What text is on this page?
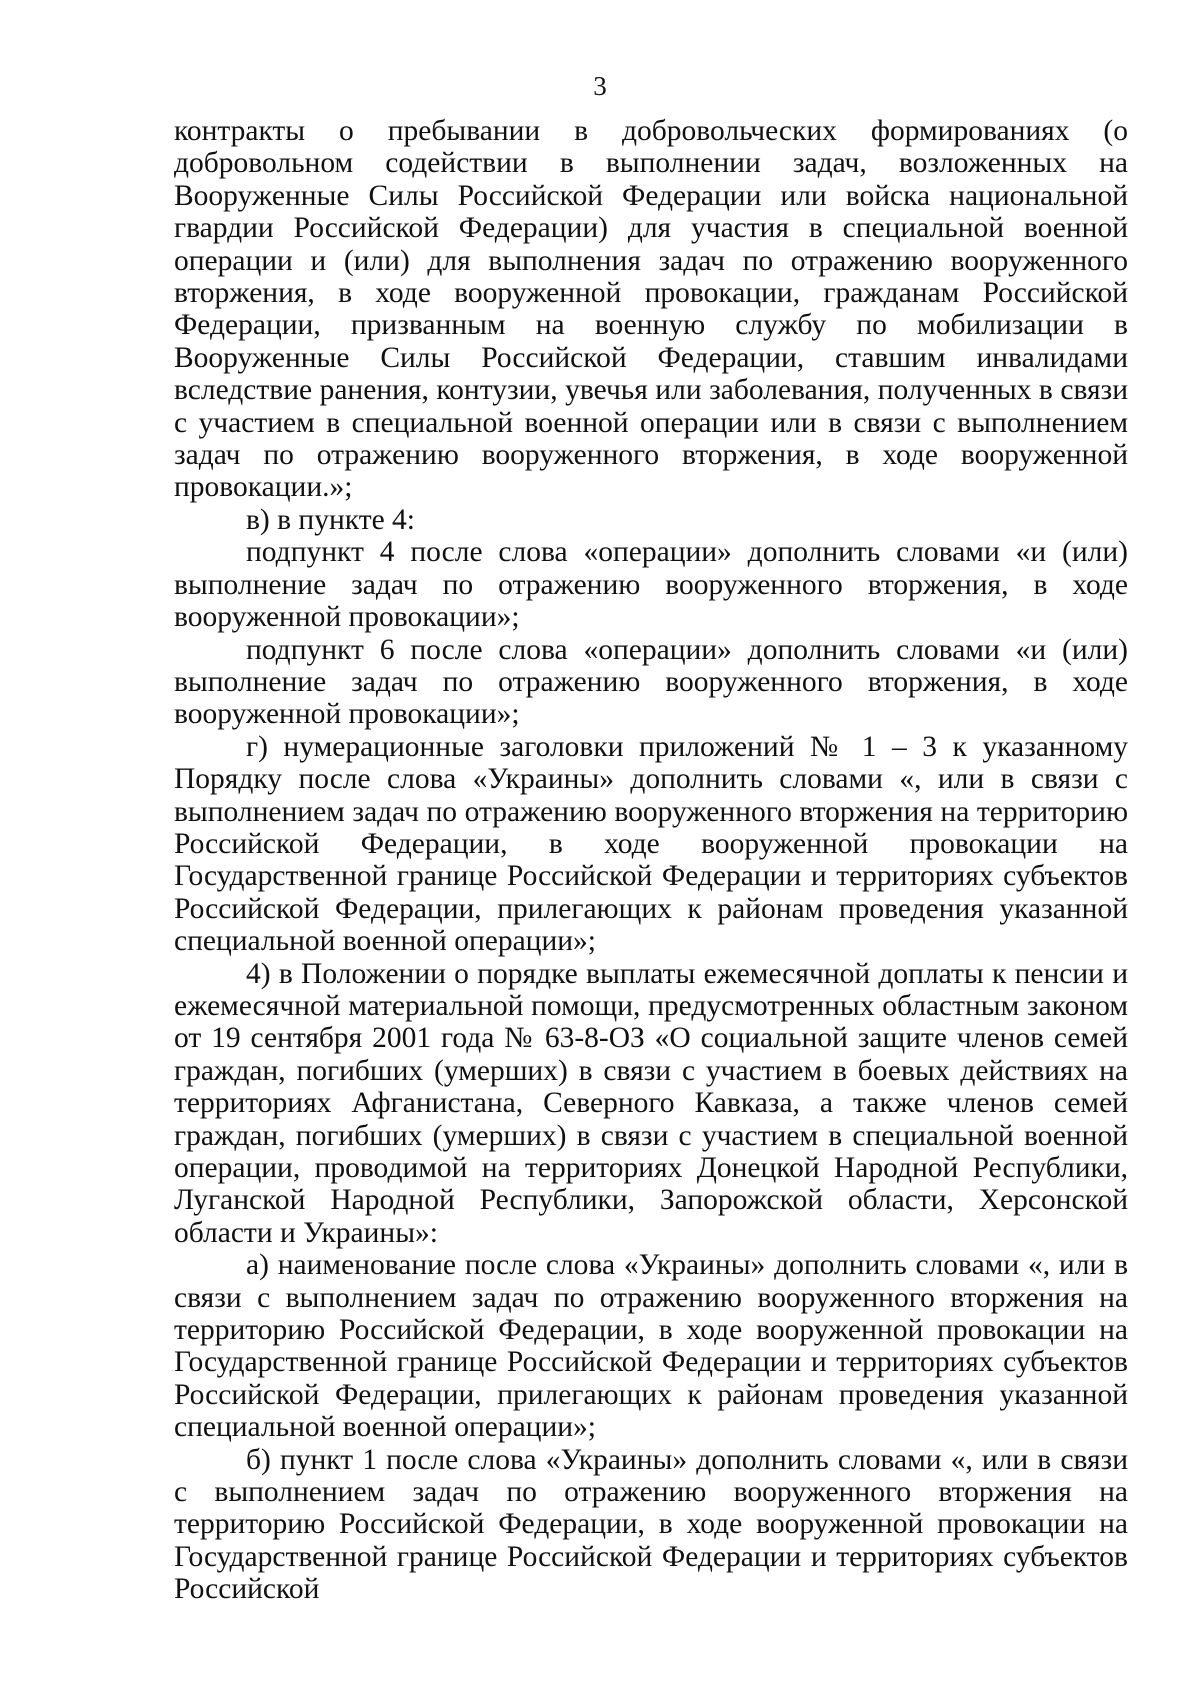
3

контракты о пребывании в добровольческих формированиях (о добровольном содействии в выполнении задач, возложенных на Вооруженные Силы Российской Федерации или войска национальной гвардии Российской Федерации) для участия в специальной военной операции и (или) для выполнения задач по отражению вооруженного вторжения, в ходе вооруженной провокации, гражданам Российской Федерации, призванным на военную службу по мобилизации в Вооруженные Силы Российской Федерации, ставшим инвалидами вследствие ранения, контузии, увечья или заболевания, полученных в связи с участием в специальной военной операции или в связи с выполнением задач по отражению вооруженного вторжения, в ходе вооруженной провокации.»;

в) в пункте 4:

подпункт 4 после слова «операции» дополнить словами «и (или) выполнение задач по отражению вооруженного вторжения, в ходе вооруженной провокации»;

подпункт 6 после слова «операции» дополнить словами «и (или) выполнение задач по отражению вооруженного вторжения, в ходе вооруженной провокации»;

г) нумерационные заголовки приложений № 1 – 3 к указанному Порядку после слова «Украины» дополнить словами «, или в связи с выполнением задач по отражению вооруженного вторжения на территорию Российской Федерации, в ходе вооруженной провокации на Государственной границе Российской Федерации и территориях субъектов Российской Федерации, прилегающих к районам проведения указанной специальной военной операции»;

4) в Положении о порядке выплаты ежемесячной доплаты к пенсии и ежемесячной материальной помощи, предусмотренных областным законом от 19 сентября 2001 года № 63-8-ОЗ «О социальной защите членов семей граждан, погибших (умерших) в связи с участием в боевых действиях на территориях Афганистана, Северного Кавказа, а также членов семей граждан, погибших (умерших) в связи с участием в специальной военной операции, проводимой на территориях Донецкой Народной Республики, Луганской Народной Республики, Запорожской области, Херсонской области и Украины»:

а) наименование после слова «Украины» дополнить словами «, или в связи с выполнением задач по отражению вооруженного вторжения на территорию Российской Федерации, в ходе вооруженной провокации на Государственной границе Российской Федерации и территориях субъектов Российской Федерации, прилегающих к районам проведения указанной специальной военной операции»;

б) пункт 1 после слова «Украины» дополнить словами «, или в связи с выполнением задач по отражению вооруженного вторжения на территорию Российской Федерации, в ходе вооруженной провокации на Государственной границе Российской Федерации и территориях субъектов Российской
